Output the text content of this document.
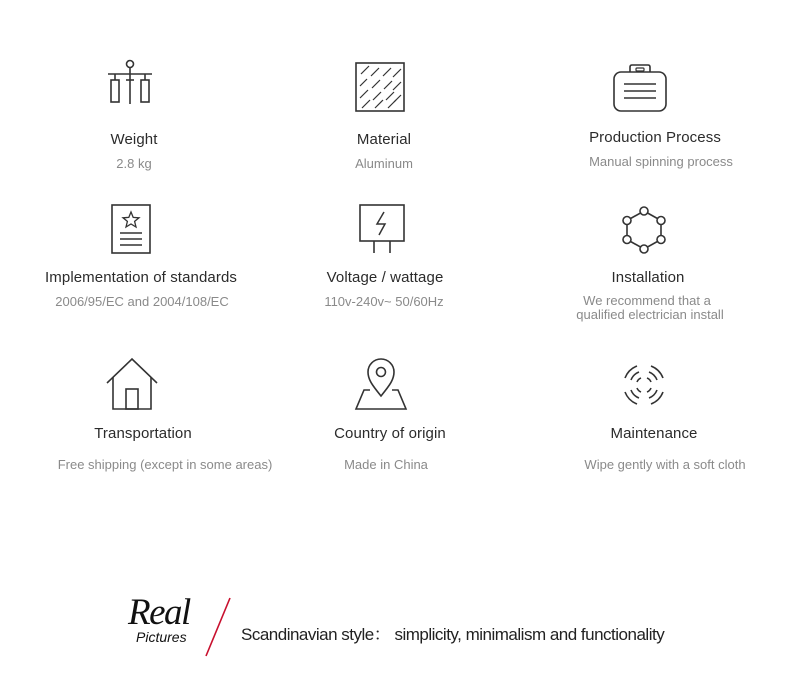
Weight
2.8 kg
Material
Aluminum
Production Process
Manual spinning process
Implementation of standards
2006/95/EC and 2004/108/EC
Voltage / wattage
110v-240v~ 50/60Hz
Installation
We recommend that a
qualified electrician install
Transportation
Free shipping (except in some areas)
Country of origin
Made in China
Maintenance
Wipe gently with a soft cloth
Real
Pictures	Scandinavian style： simplicity, minimalism and functionality
